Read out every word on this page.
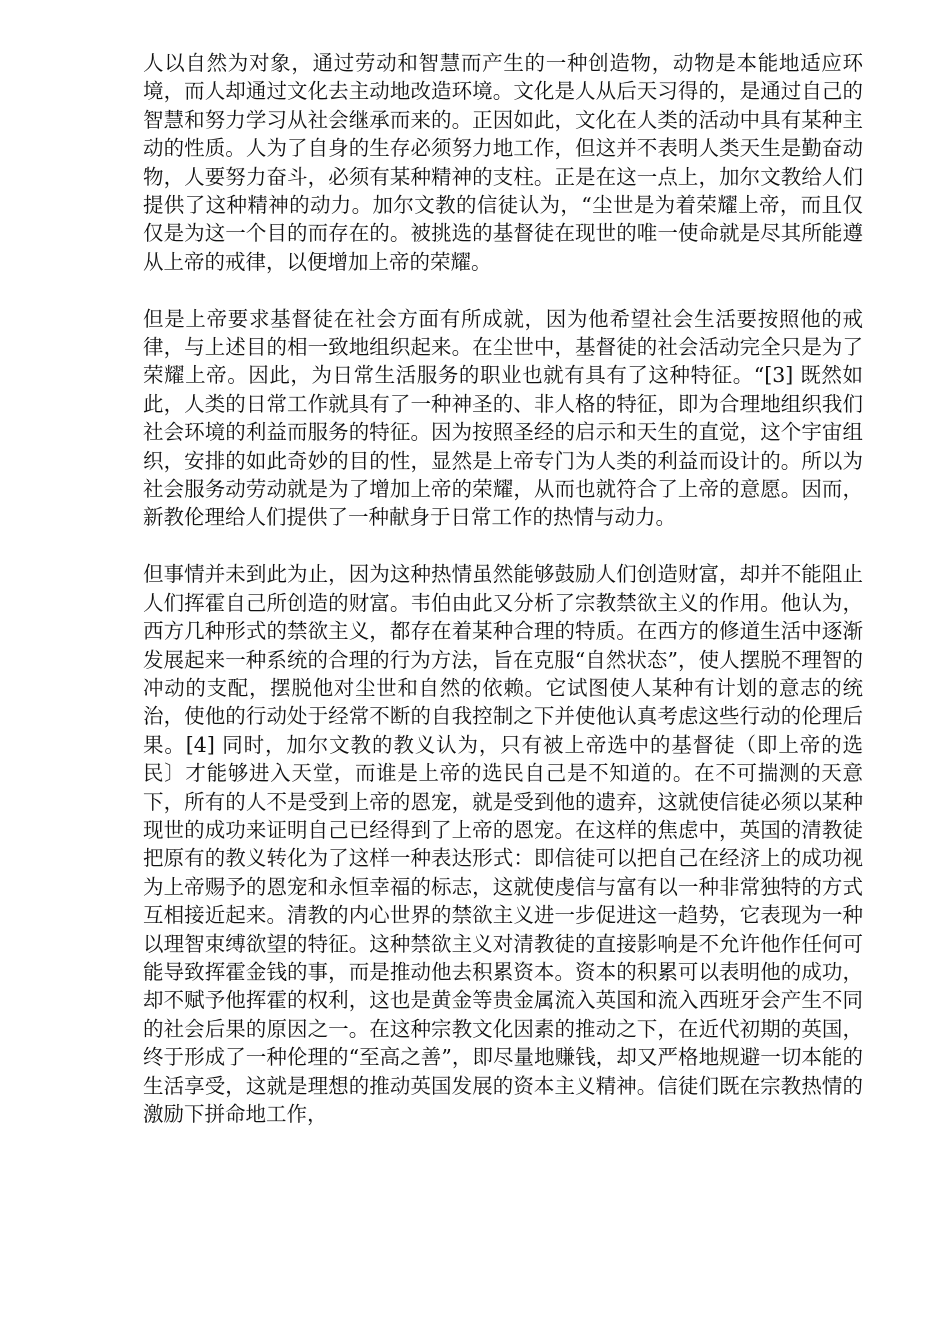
人以自然为对象，通过劳动和智慧而产生的一种创造物，动物是本能地适应环境，而人却通过文化去主动地改造环境。文化是人从后天习得的，是通过自己的智慧和努力学习从社会继承而来的。正因如此，文化在人类的活动中具有某种主动的性质。人为了自身的生存必须努力地工作，但这并不表明人类天生是勤奋动物，人要努力奋斗，必须有某种精神的支柱。正是在这一点上，加尔文教给人们提供了这种精神的动力。加尔文教的信徒认为，“尘世是为着荣耀上帝，而且仅仅是为这一个目的而存在的。被挑选的基督徒在现世的唯一使命就是尽其所能遵从上帝的戒律，以便增加上帝的荣耀。

但是上帝要求基督徒在社会方面有所成就，因为他希望社会生活要按照他的戒律，与上述目的相一致地组织起来。在尘世中，基督徒的社会活动完全只是为了荣耀上帝。因此，为日常生活服务的职业也就有具有了这种特征。“[3] 既然如此，人类的日常工作就具有了一种神圣的、非人格的特征，即为合理地组织我们社会环境的利益而服务的特征。因为按照圣经的启示和天生的直觉，这个宇宙组织，安排的如此奇妙的目的性，显然是上帝专门为人类的利益而设计的。所以为社会服务动劳动就是为了增加上帝的荣耀，从而也就符合了上帝的意愿。因而，新教伦理给人们提供了一种献身于日常工作的热情与动力。

但事情并未到此为止，因为这种热情虽然能够鼓励人们创造财富，却并不能阻止人们挥霍自己所创造的财富。韦伯由此又分析了宗教禁欲主义的作用。他认为，西方几种形式的禁欲主义，都存在着某种合理的特质。在西方的修道生活中逐渐发展起来一种系统的合理的行为方法，旨在克服“自然状态”，使人摆脱不理智的冲动的支配，摆脱他对尘世和自然的依赖。它试图使人某种有计划的意志的统治，使他的行动处于经常不断的自我控制之下并使他认真考虑这些行动的伦理后果。[4] 同时，加尔文教的教义认为，只有被上帝选中的基督徒（即上帝的选民〕才能够进入天堂，而谁是上帝的选民自己是不知道的。在不可揣测的天意下，所有的人不是受到上帝的恩宠，就是受到他的遗弃，这就使信徒必须以某种现世的成功来证明自己已经得到了上帝的恩宠。在这样的焦虑中，英国的清教徒把原有的教义转化为了这样一种表达形式：即信徒可以把自己在经济上的成功视为上帝赐予的恩宠和永恒幸福的标志，这就使虔信与富有以一种非常独特的方式互相接近起来。清教的内心世界的禁欲主义进一步促进这一趋势，它表现为一种以理智束缚欲望的特征。这种禁欲主义对清教徒的直接影响是不允许他作任何可能导致挥霍金钱的事，而是推动他去积累资本。资本的积累可以表明他的成功，却不赋予他挥霍的权利，这也是黄金等贵金属流入英国和流入西班牙会产生不同的社会后果的原因之一。在这种宗教文化因素的推动之下，在近代初期的英国，终于形成了一种伦理的“至高之善”，即尽量地赚钱，却又严格地规避一切本能的生活享受，这就是理想的推动英国发展的资本主义精神。信徒们既在宗教热情的激励下拼命地工作，
